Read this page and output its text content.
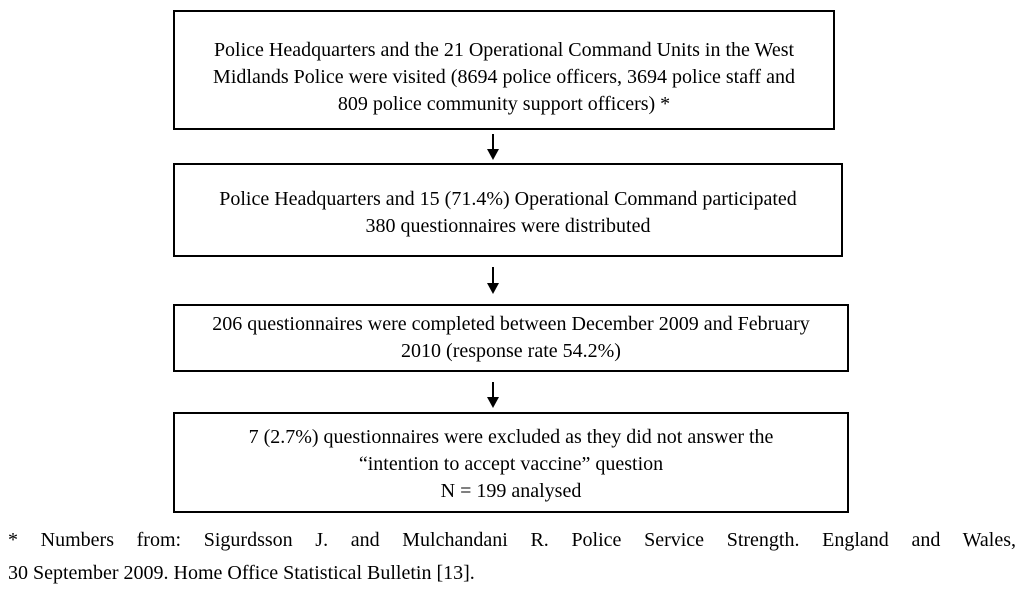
Police Headquarters and the 21 Operational Command Units in the West
Midlands Police were visited (8694 police officers, 3694 police staff and
809 police community support officers) *
Police Headquarters and 15 (71.4%) Operational Command participated
380 questionnaires were distributed
206 questionnaires were completed between December 2009 and February
2010 (response rate 54.2%)
7 (2.7%) questionnaires were excluded as they did not answer the
“intention to accept vaccine” question
N = 199 analysed
* Numbers from: Sigurdsson J. and Mulchandani R. Police Service Strength. England and Wales,
30 September 2009. Home Office Statistical Bulletin [13].
